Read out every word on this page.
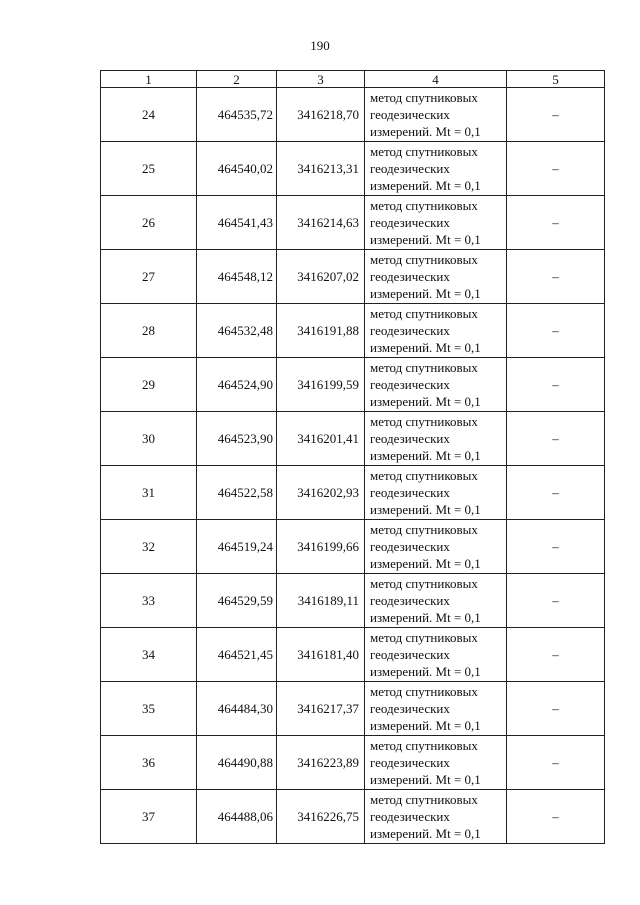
190
1	2	3	4	5
24	464535,72	3416218,70	метод спутниковых
геодезических
измерений. Mt = 0,1	–
25	464540,02	3416213,31	метод спутниковых
геодезических
измерений. Mt = 0,1	–
26	464541,43	3416214,63	метод спутниковых
геодезических
измерений. Mt = 0,1	–
27	464548,12	3416207,02	метод спутниковых
геодезических
измерений. Mt = 0,1	–
28	464532,48	3416191,88	метод спутниковых
геодезических
измерений. Mt = 0,1	–
29	464524,90	3416199,59	метод спутниковых
геодезических
измерений. Mt = 0,1	–
30	464523,90	3416201,41	метод спутниковых
геодезических
измерений. Mt = 0,1	–
31	464522,58	3416202,93	метод спутниковых
геодезических
измерений. Mt = 0,1	–
32	464519,24	3416199,66	метод спутниковых
геодезических
измерений. Mt = 0,1	–
33	464529,59	3416189,11	метод спутниковых
геодезических
измерений. Mt = 0,1	–
34	464521,45	3416181,40	метод спутниковых
геодезических
измерений. Mt = 0,1	–
35	464484,30	3416217,37	метод спутниковых
геодезических
измерений. Mt = 0,1	–
36	464490,88	3416223,89	метод спутниковых
геодезических
измерений. Mt = 0,1	–
37	464488,06	3416226,75	метод спутниковых
геодезических
измерений. Mt = 0,1	–
